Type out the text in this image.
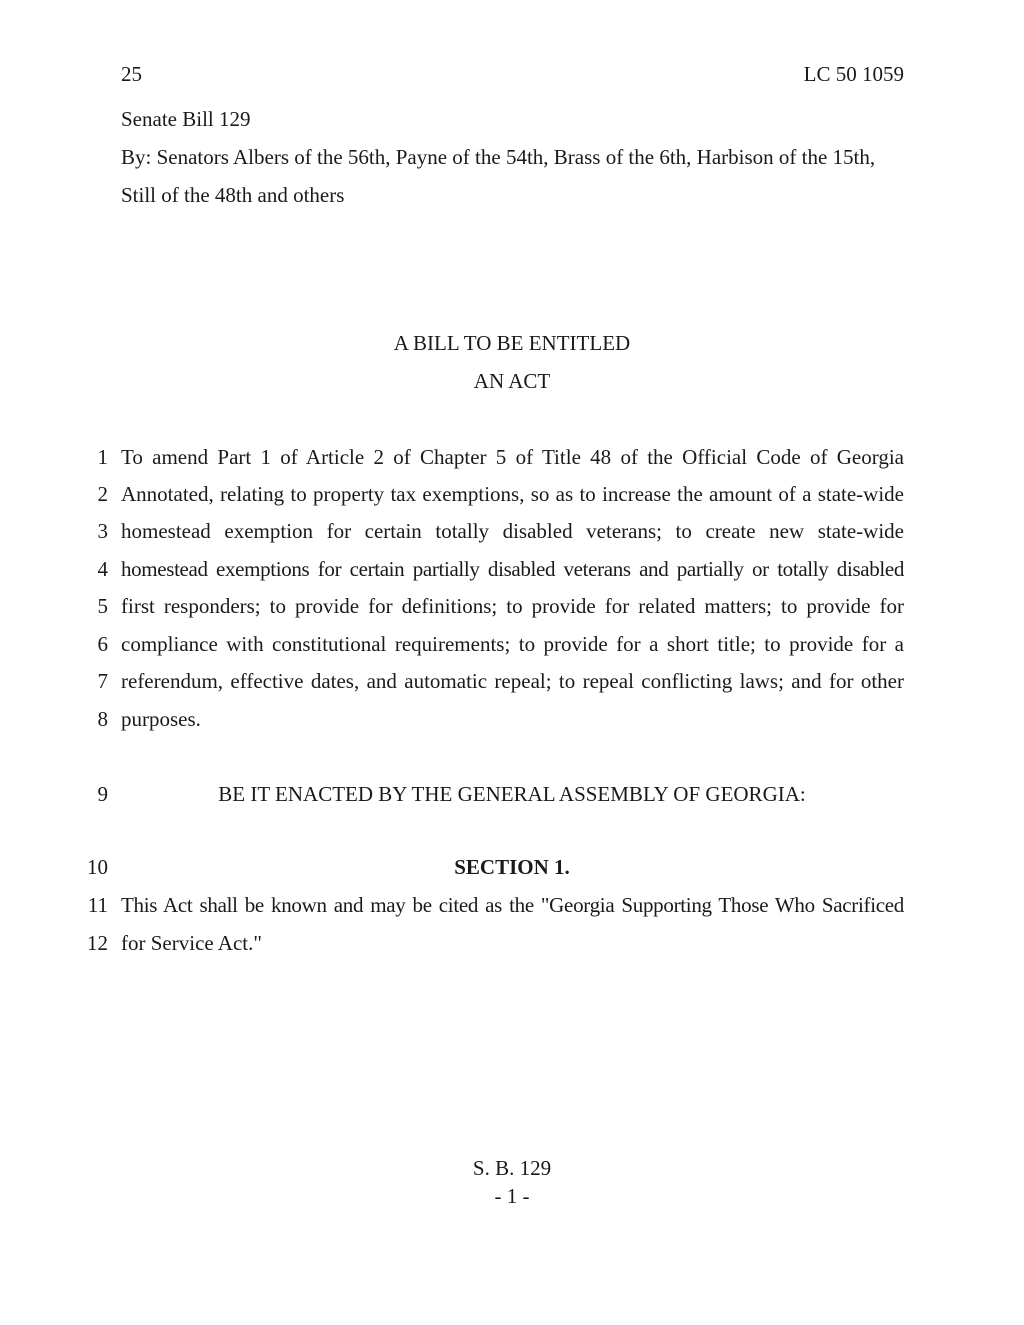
25	LC 50 1059
Senate Bill 129
By: Senators Albers of the 56th, Payne of the 54th, Brass of the 6th, Harbison of the 15th,
Still of the 48th and others
A BILL TO BE ENTITLED
AN ACT
1 To amend Part 1 of Article 2 of Chapter 5 of Title 48 of the Official Code of Georgia
2 Annotated, relating to property tax exemptions, so as to increase the amount of a state-wide
3 homestead exemption for certain totally disabled veterans; to create new state-wide
4 homestead exemptions for certain partially disabled veterans and partially or totally disabled
5 first responders; to provide for definitions; to provide for related matters; to provide for
6 compliance with constitutional requirements; to provide for a short title; to provide for a
7 referendum, effective dates, and automatic repeal; to repeal conflicting laws; and for other
8 purposes.
9	BE IT ENACTED BY THE GENERAL ASSEMBLY OF GEORGIA:
10	SECTION 1.
11 This Act shall be known and may be cited as the "Georgia Supporting Those Who Sacrificed
12 for Service Act."
S. B. 129
- 1 -
